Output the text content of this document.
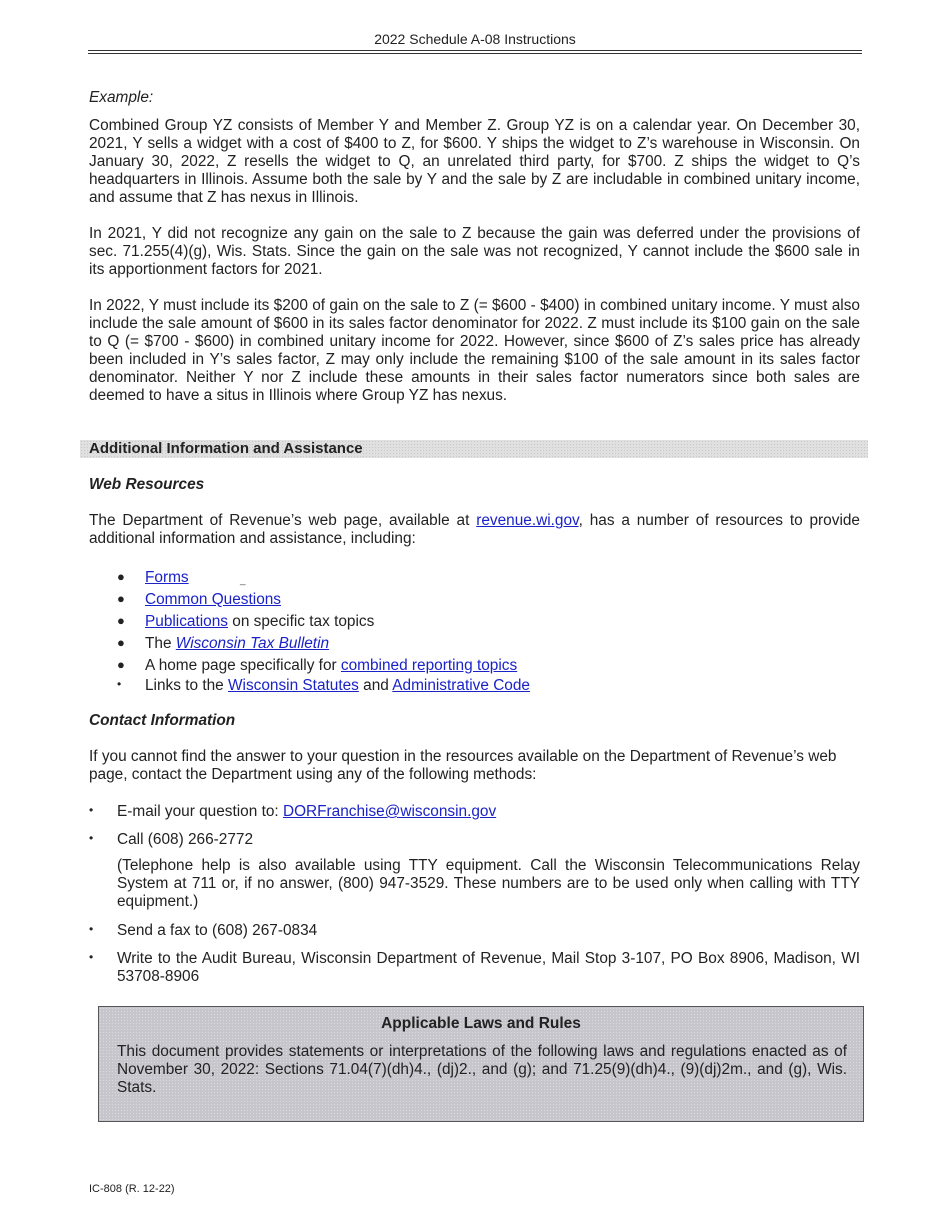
2022 Schedule A-08 Instructions
Example:
Combined Group YZ consists of Member Y and Member Z. Group YZ is on a calendar year. On December 30, 2021, Y sells a widget with a cost of $400 to Z, for $600. Y ships the widget to Z’s warehouse in Wisconsin. On January 30, 2022, Z resells the widget to Q, an unrelated third party, for $700. Z ships the widget to Q’s headquarters in Illinois. Assume both the sale by Y and the sale by Z are includable in combined unitary income, and assume that Z has nexus in Illinois.
In 2021, Y did not recognize any gain on the sale to Z because the gain was deferred under the provisions of sec. 71.255(4)(g), Wis. Stats. Since the gain on the sale was not recognized, Y cannot include the $600 sale in its apportionment factors for 2021.
In 2022, Y must include its $200 of gain on the sale to Z (= $600 - $400) in combined unitary income. Y must also include the sale amount of $600 in its sales factor denominator for 2022. Z must include its $100 gain on the sale to Q (= $700 - $600) in combined unitary income for 2022. However, since $600 of Z’s sales price has already been included in Y’s sales factor, Z may only include the remaining $100 of the sale amount in its sales factor denominator. Neither Y nor Z include these amounts in their sales factor numerators since both sales are deemed to have a situs in Illinois where Group YZ has nexus.
Additional Information and Assistance
Web Resources
The Department of Revenue’s web page, available at revenue.wi.gov, has a number of resources to provide additional information and assistance, including:
● Forms	_
● Common Questions
● Publications on specific tax topics
● The Wisconsin Tax Bulletin
● A home page specifically for combined reporting topics
• Links to the Wisconsin Statutes and Administrative Code
Contact Information
If you cannot find the answer to your question in the resources available on the Department of Revenue’s web page, contact the Department using any of the following methods:
• E-mail your question to: DORFranchise@wisconsin.gov
• Call (608) 266-2772
(Telephone help is also available using TTY equipment. Call the Wisconsin Telecommunications Relay System at 711 or, if no answer, (800) 947-3529. These numbers are to be used only when calling with TTY equipment.)
• Send a fax to (608) 267-0834
• Write to the Audit Bureau, Wisconsin Department of Revenue, Mail Stop 3-107, PO Box 8906, Madison, WI 53708-8906
Applicable Laws and Rules
This document provides statements or interpretations of the following laws and regulations enacted as of November 30, 2022: Sections 71.04(7)(dh)4., (dj)2., and (g); and 71.25(9)(dh)4., (9)(dj)2m., and (g), Wis. Stats.
IC-808 (R. 12-22)
